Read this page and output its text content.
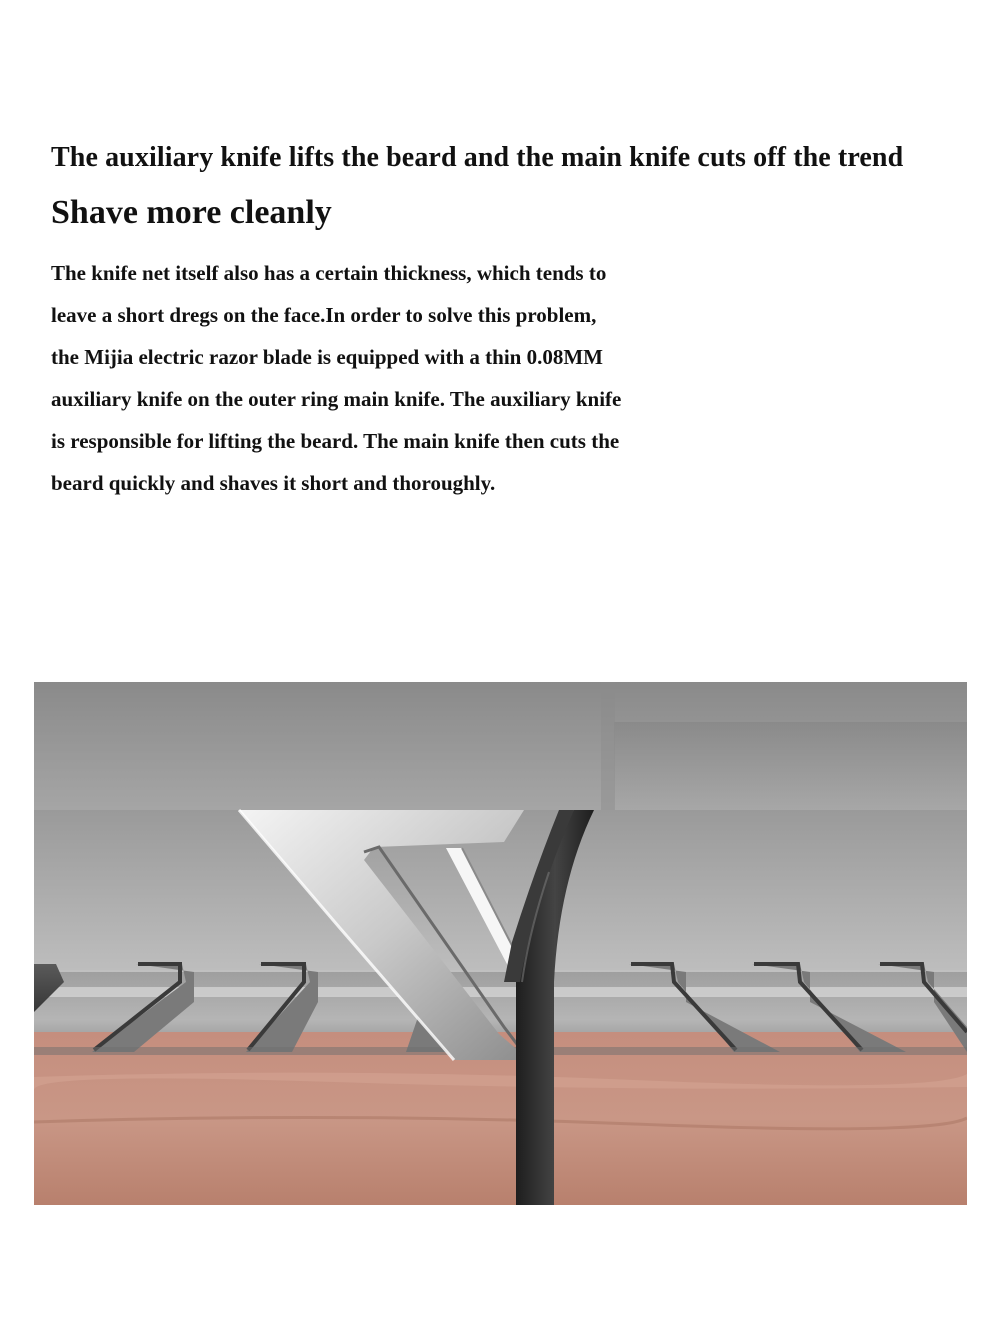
The auxiliary knife lifts the beard and the main knife cuts off the trend
Shave more cleanly

The knife net itself also has a certain thickness, which tends to
leave a short dregs on the face.In order to solve this problem,
the Mijia electric razor blade is equipped with a thin 0.08MM
auxiliary knife on the outer ring main knife. The auxiliary knife
is responsible for lifting the beard. The main knife then cuts the
beard quickly and shaves it short and thoroughly.
